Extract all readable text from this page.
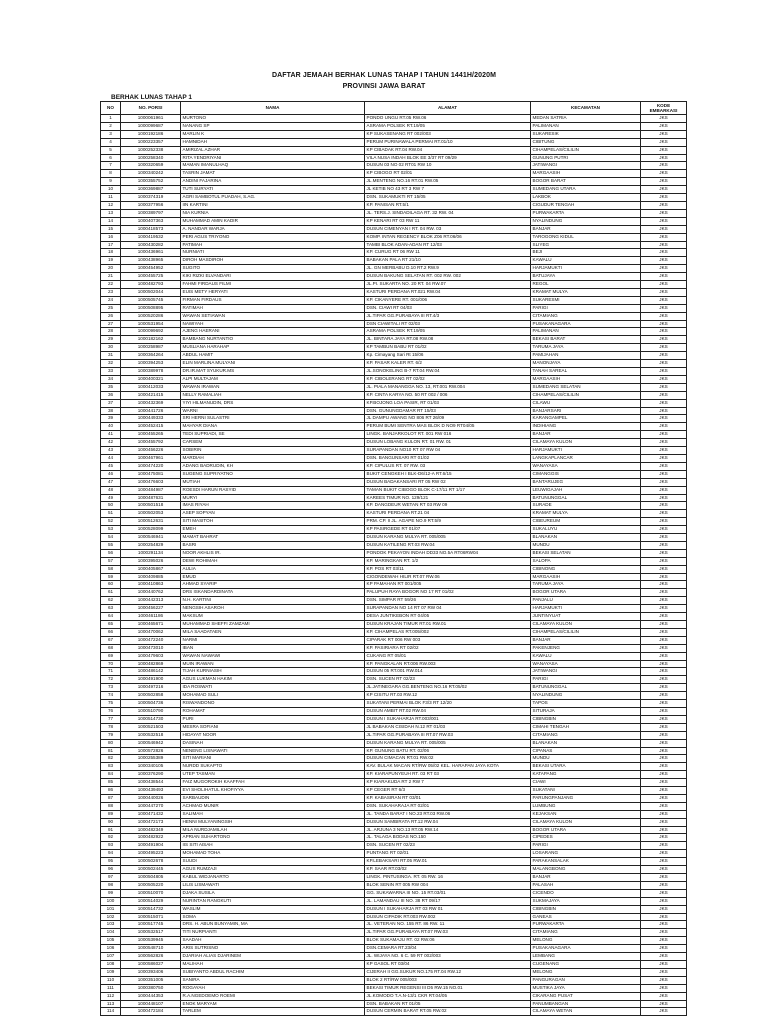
DAFTAR JEMAAH BERHAK LUNAS TAHAP I TAHUN 1441H/2020M
PROVINSI JAWA BARAT
BERHAK LUNAS TAHAP 1
NO	NO. PORSI	NAMA	ALAMAT	KECAMATAN	KODE EMBARKASI
1	1000061961	MURTONO	PONDO UNGU RT.05 RW.06	MEDAN SATRIA	JKS
2	1000099687	NANANG SP	ASRAMA POLSEK RT.19/05	PALIMANAN	JKS
3	1000192186	MARLIN K	KP SUKASENANG RT 002/003	SUKARESIK	JKS
4	1000223357	HAMNIDAH	PERUM PURINAWALA PERMAI RT.01/10	CIBITUNG	JKS
5	1000252338	AMIRIZAL AZHAR	KP CIBADAK RT.04 RW.04	CIHAMPELAS/CILILIN	JKS
6	1000258340	RITA YENDRIYANI	VILA NUSA INDAH BLOK EE 3/37 RT 09/29	GUNUNG PUTRI	JKS
7	1000320659	MAMAN IMANULHAQ	DUSUN 03 NO 02 RT01 RW 10	JATIWANGI	JKS
8	1000340242	TASRIN JAMAT	KP CIBOGO RT 02/01	MARGAASIH	JKS
9	1000355752	ANDINI FAJARINA	JL.MENTENG NO.16 RT.01 RW.05	BOGOR BARAT	JKS
10	1000369887	TUTI SURYATI	JL KETIB NO 43 RT 3 RW 7	SUMEDANG UTARA	JKS
11	1000374319	AGRI SAMBOTUL PUADAH, S.AG.	DSN. SUKAMUKTI RT 15/05	LAKBOK	JKS
12	1000377956	IIN KARTINI	KP. PANISAN RT.5/1	CIGUDUR TENGAH	JKS
13	1000389797	NIA KURNIA	JL. TERS.J. SINDADILAGA RT. 32 RW. 04	PURWAKARTA	JKS
14	1000407363	MUHAMMAD AMIN KADIR	KP KENARI RT 03 RW 11	NYALINDUNG	JKS
15	1000418573	A. NANDAR WARJA	DUSUN CIMENYAN I RT. 04 RW. 03	BANJAR	JKS
16	1000419532	PERI AGUS TRIYONO	KOMP. INTAN REGENCY BLOK Z06 RT.06/06	TAROGONG KIDUL	JKS
17	1000430282	PATIMAH	TAMBI BLOK ADAN-ADAN RT 12/03	SLIYEG	JKS
18	1000436961	NURNIATI	KP. CURUG RT 06 RW 11	BEJI	JKS
19	1000438965	DIROH MASDIROH	BABAKAN PALA RT 21/10	KAWALU	JKS
20	1000454952	SUGITO	JL. GN MERBABU D.10 RT.2 RW.9	HARJAMUKTI	JKS
21	1000455725	KIKI RIZKI ELVANDARI	DUSUN BAKUNG SELATAN RT. 002 RW. 002	BATUJAYA	JKS
22	1000482793	FAHMI FIRDAUS FILMI	JL.PI. SUKARTA NO. 20 RT. 04 RW.07	REGOL	JKS
23	1000502044	EUIS METY HERYATI	KASTURI PERDANA RT.021 RW.04	KRAMAT MULYA	JKS
24	1000505745	FIRMAN FIRDAUS	KP. CIKANYERE RT. 001/006	SUKARESMI	JKS
25	1000508895	RATIMAH	DSN. CIAWI RT 04/03	PARIGI	JKS
26	1000520286	WAWAN SETIAWAN	JL.TIPAR GG.PURABAYA III RT.4/3	CITAMIANG	JKS
27	1000531954	NAWIYAH	DSN CIAWITALI RT 02/03	PUSAKANAGARA	JKS
28	1000099692	AJENG HAERANI	ASRAMA POLSEK RT.19/05	PALIMANAN	JKS
29	1000182162	BAMBANG NURTANTIO	JL. BINTARA JAYA RT.08 RW.08	BEKASI BARAT	JKS
30	1000258987	MUSLIANA HARAHAP	KP TAMBUN BABU RT 01/02	TARUMA JAYA	JKS
31	1000364264	ABDUL HAMIT	Kp. Cimayang Sari Rt 15/06	PAMIJAHAN	JKS
32	1000394253	ELIN MARLINA MULYANI	KP. PASAR KALER RT. 6/2	MANONJAYA	JKS
33	1000389978	DR.IR.MAT SYUKUR.MS	JL.SONOKELING B-7 RT.04 RW.04	TANAH SAREAL	JKS
34	1000400321	ALPI MULTAJAM	KP. CIBOLERANG RT 02/02	MARGAASIH	JKS
35	1000412033	WAWAN IRAWAN	JL. PIALA MANANGGA NO. 13, RT.001 RW.004	SUMEDANG SELATAN	JKS
36	1000421415	NELLY RAMALIAH	KP. CINTA KARYA NO. 50 RT 002 / 006	CIHAMPELAS/CILILIN	JKS
37	1000432369	YIYI HILMANUDIN, DRS	KP.BOJONG LOA PASIR, RT 01/03	CILAWU	JKS
38	1000441726	WARNI	DSN. GUNUNGDAMAR RT 15/03	BANJARSARI	JKS
39	1000449333	SRI HERNI SULASTRI	JL DAMPU AWANG NO 806 RT 26/09	KARANGAMPEL	JKS
40	1000452415	MAHYAR DIANA	PERUM BUMI SENTRA MAS BLOK D NO9 RT04/05	INDIHIANG	JKS
41	1000455265	TEDI SUPRIADI, SE	LINGK. BANJARKOLOT RT. 001 RW 016	BANJAR	JKS
42	1000455792	CARSEM	DUSUN LOBANG KULON RT. 01 RW. 01	CILAMAYA KULON	JKS
43	1000456226	SOBIRIN	SURAPANDAN NO10 RT 07 RW 04	HARJAMUKTI	JKS
44	1000467961	MARDIAH	DSN. BANGUNSARI RT 01/02	LANGKAPLANCAR	JKS
45	1000474220	ADANG BADRUDIN, KH	KP. CIPULUS RT. 07 RW. 03	WANAYASA	JKS
46	1000475081	SUGENG SUPRIYATNO	BUKIT CENGKEH I BLK-D6/12-A RT.6/15	CIMANGGIS	JKS
47	1000476603	MUTIAH	DUSUN BADAKANSARI RT 05 RW 02	BANTARUJEG	JKS
48	1000484987	ROESDI HARUN RASYID	TAMAN BUKIT CIBOGO BLOK C-17/11 RT 1/17	LEUWIGAJAH	JKS
49	1000487631	MURYI	KAREES TIMUR NO. 129/121	BATUNUNGGAL	JKS
50	1000501518	IMAS RIYAH	KP. DANGDEUR WETAN RT 03 RW 09	SURADE	JKS
51	1000502053	ASEP SOPYAN	KASTURI PERDANA RT.21 04	KRAMAT MULYA	JKS
52	1000512631	SITI MASITOH	PRM. CP. II JL. AGAPE NO.9 RT.5/9	CIBEUREUM	JKS
53	1000528099	EMEH	KP PASIRGEDE RT 01/07	SUKALUYU	JKS
54	1000546941	MAMAT BAHRAT	DUSUN KARANG MULYA RT. 005/005	BLANAKAN	JKS
55	1000254829	BASRI	DUSUN KATILENG RT.03 RW.04	MUNDU	JKS
56	1000291134	NOOR AKHLIS IR.	PONDOK PEKAYON INDAH DD33 NO.5A RT06RW04	BEKASI SELATAN	JKS
57	1000395026	DEWI ROHIMAH	KP. MARINGKAN RT. 1/2	SALOPA	JKS
58	1000405867	AULIA	KP. POS RT 03/11	CIBINONG	JKS
59	1000409885	EMUD	CIGONDEWAH HILIR RT.07 RW.06	MARGAASIH	JKS
60	1000410863	AHMAD SYARIP	KP PAMAHAN RT 001/005	TARUMA JAYA	JKS
61	1000440762	DRS ISKANDARDINATA	PALUPUH RAYA BOGOR NO 17 RT 01/02	BOGOR UTARA	JKS
62	1000442313	N.H. KARTINI	DSN. SIMPAR RT 59/26	PANJALU	JKS
63	1000456227	NENGSIH ASAROH	SURAPANDAN NO 14 RT 07 RW 04	HARJAMUKTI	JKS
64	1000461186	MAKSUM	DESA JUNTIKEBON RT 04/05	JUNTINYUAT	JKS
65	1000465671	MUHAMMAD SHEFFI ZAMZAMI	DUSUN KRAJAN TIMUR RT.01 RW.01	CILAMAYA KULON	JKS
66	1000470062	MILA SAADATAEN	KP. CIHAMPELAS RT.005/002	CIHAMPELAS/CILILIN	JKS
67	1000472240	NARMI	CIPARAK RT 006 RW 003	BANJAR	JKS
68	1000473010	IBAN	KP. PASIRIARA RT 02/02	PAKENJENG	JKS
69	1000479603	WAWAN NAWAWI	CUKANG RT 05/01	KAWALU	JKS
70	1000482869	MUIN IRAWAN	KP. PANGKALAN RT.006 RW.003	WANAYASA	JKS
71	1000486142	TIJAH KURNIASIH	DUSUN 05 RT.001 RW.014	JATIWANGI	JKS
72	1000491900	AGUS LUKMAN HAKIM	DSN. SUCEN RT 02/23	PARIGI	JKS
73	1000497216	IDA ROSWATI	JL.JATINEGARA GG.BENTENG NO.16 RT.05/02	BATUNUNGGAL	JKS
74	1000502858	MOHAMAD SULI	KP CISITU RT.03 RW.12	NYALINDUNG	JKS
75	1000504736	RISWANDONO	SUKATANI PERMAI BLOK F3/3 RT 12/20	TAPOS	JKS
76	1000510790	ROHAMAT	DUSUN AMBIT RT.02 RW.04	SITURAJA	JKS
77	1000514730	PURI	DUSUN I SUKAHARJA RT.003/001	CIBINGBIN	JKS
78	1000521503	MESRA SOFIANI	JL BABAKAN CISIDAH N.12 RT 01/03	CIMAHI TENGAH	JKS
79	1000532518	HIDAYAT NOOR	JL.TIPAR GG.PURABAYA III RT.07 RW.03	CITAMIANG	JKS
80	1000546942	DASINAH	DUSUN KARANG MULYA RT. 005/005	BLANAKAN	JKS
81	1000572826	NENENG LISNAWATI	KP. GUNUNG BATU RT. 02/06	CIPANAS	JKS
82	1000255389	SITI MARIANI	DUSUN CIMACAN RT.01 RW.02	MUNDU	JKS
83	1000340105	NURDD SUKAPTO	KAV. BULAK MACAN RT/RW 05/02 KEL. HARAPAN JAYA KOTA	BEKASI UTARA	JKS
84	1000376290	UTEP TASMAN	KP. KIARAPUNYEUH RT. 03 RT 03	KATAPANG	JKS
85	1000438544	FAIZ MUGOROKIH KAAFFAH	KP KIARAKUDA RT 2 RW 7	CIAWI	JKS
86	1000439493	EVI SHOLIHATUL KHOFIYYA	KP CEGER RT 6/3	SUKATANI	JKS
87	1000440026	SARBAUDIN	KP. KABASIRAN RT 03/01	PARUNGPANJANG	JKS
88	1000447270	ACHMAD MUNIR	DSN. SUKAHARAJA RT 02/01	LUMBUNG	JKS
89	1000471432	SALIMAH	JL. TANDA BARAT I NO.23 RT.03 RW.06	KEJAKSAN	JKS
90	1000472173	HENNI MULYANINGSIH	DUSUN SAMBIRATA RT.12 RW.04	CILAMAYA KULON	JKS
91	1000482349	MILA NURDJAMILAH	JL. ARJUNA 3 NO.13 RT.05 RW.14	BOGOR UTARA	JKS
92	1000482922	APRIAN SUHARTONO	JL. TALAGA BODAS NO.150	CIPEDES	JKS
93	1000491904	IIS SITI AISAH	DSN. SUCEN RT 02/23	PARIGI	JKS
94	1000495223	MOHAMAD TOHA	PUNTANG RT 02/01	LOSARANG	JKS
95	1000502678	SUUDI	KP.LEBAKSARI RT.05 RW.01	PARAKANSALAK	JKS
96	1000502445	AGUS RUMZAJI	KP. SAAR RT.03/02	MALANGBONG	JKS
97	1000504805	KABUL WIDJANARTO	LINGK. PINTUSINGA. RT. 05 RW. 16	BANJAR	JKS
98	1000505220	LILIS LISMAWATI	BLOK SENIN RT 005 RW 004	PALASAH	JKS
99	1000510070	DJAKA SUSILA	GG. SUKAWARNA III NO. 15 RT.03/01	CICENDO	JKS
100	1000514029	NURINTAN RANGKUTI	JL. LAMANDAU III NO. 38 RT 09/17	SUKMAJAYA	JKS
101	1000514732	WASLIM	DUSUN I SUKAHARJA RT 03 RW 01	CIBINGBIN	JKS
102	1000515071	SOMA	DUSUN CIPADIK RT.003 RW.002	GANEAS	JKS
103	1000517745	DRS. H. ABUN BUNYAMIN, MA	JL. VETERAN NO. 155 RT. 86 RW. 11	PURWAKARTA	JKS
104	1000532517	TITI NURPIANTI	JL.TIPAR GG.PURABAYA RT.07 RW.03	CITAMIANG	JKS
105	1000539945	SAADAH	BLOK SUKAMAJU RT. 02 RW.06	MELONG	JKS
106	1000548710	ARIS SUTRISNO	DSN.CEMARA RT.23/04	PUSAKANAGARA	JKS
107	1000562826	DJARIAH ALIAS DJARINEM	JL. WIJAYA NO. 6 C. 59 RT 002/003	LEMBANG	JKS
108	1000586027	MALIHAH	KP GASOL RT 03/04	CUGENANG	JKS
109	1000393406	SUBIYANTO ABDUL RACHIM	CIJERAH II GG.SUKUR NO.175 RT.04 RW.12	MELONG	JKS
110	1000351005	SANIRA	BLOK 2 RT/RW 005/003	PANGURAGAN	JKS
111	1000380750	ROGAYAH	BEKASI TIMUR REGENSI III D5 RW.15 NO.01	MUSTIKA JAYA	JKS
112	1000444353	R.A.NGEDOEMO ROEMI	JL.KOMODO T.A.N-13/1 CKR RT.04/05	CIKARANG PUSAT	JKS
113	1000448107	ENOK MARYAM	DSN. BABAKAN RT 01/05	PANUMBANGAN	JKS
114	1000472184	TARLEM	DUSUN CERMIN BARAT RT.05 RW.02	CILAMAYA WETAN	JKS
